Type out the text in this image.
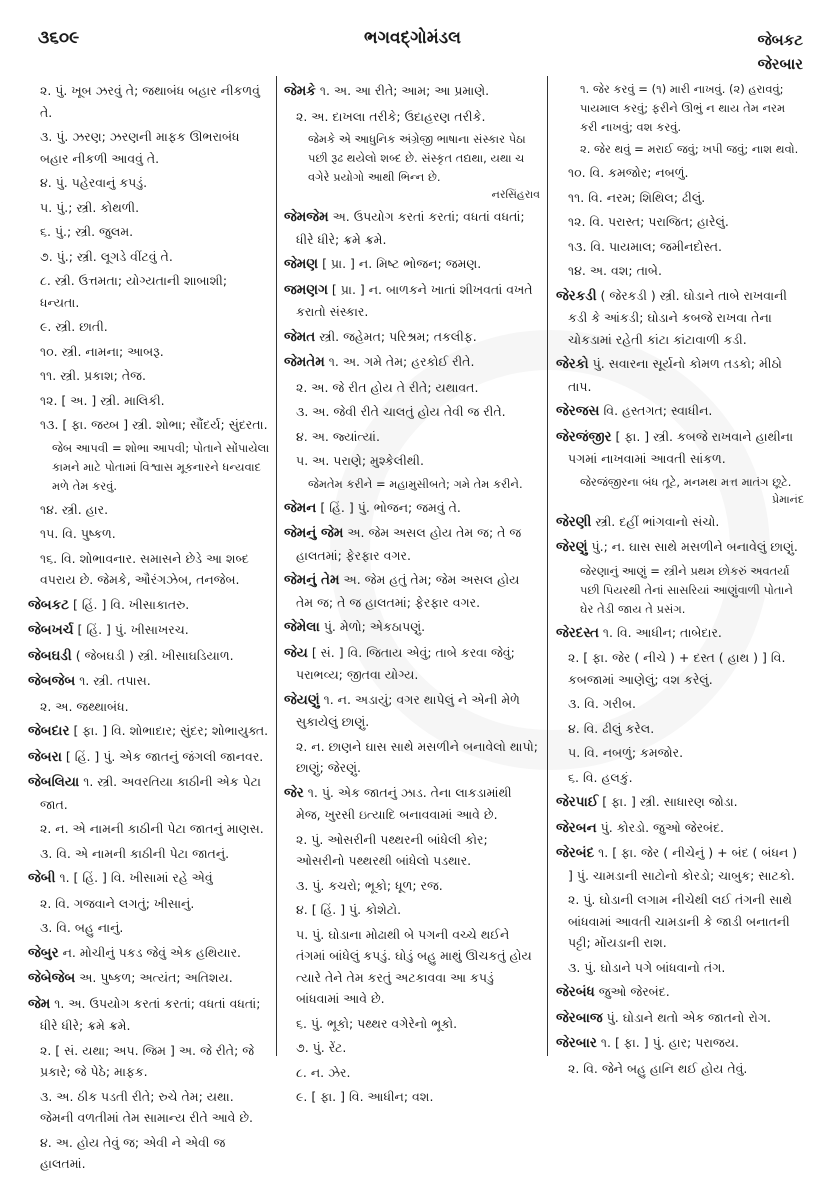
૩૬૦૯	ભગવદ્ગોમંડલ	જેબકટ
જેરબાર
૨. પું. ખૂબ ઝરવું તે; જથાબંધ બહાર નીકળવું તે.
૩. પું. ઝરણ; ઝરણની માફક ઊભરાબંધ બહાર નીકળી આવવું તે.
૪. પું. પહેરવાનું કપડું.
૫. પું.; સ્ત્રી. કોથળી.
૬. પું.; સ્ત્રી. જુલમ.
૭. પું.; સ્ત્રી. લૂગડે વીંટવું તે.
૮. સ્ત્રી. ઉત્તમતા; યોગ્યતાની શાબાશી; ધન્યતા.
૯. સ્ત્રી. છાતી.
૧૦. સ્ત્રી. નામના; આબરૂ.
૧૧. સ્ત્રી. પ્રકાશ; તેજ.
૧૨. [ અ. ] સ્ત્રી. માલિકી.
૧૩. [ ફા. જય્બ ] સ્ત્રી. શોભા; સૌંદર્ય; સુંદરતા.
જેબ આપવી = શોભા આપવી; પોતાને સોંપાયેલા કામને માટે પોતામાં વિશ્વાસ મૂકનારને ધન્યવાદ મળે તેમ કરવું.
૧૪. સ્ત્રી. હાર.
૧૫. વિ. પુષ્કળ.
૧૬. વિ. શોભાવનાર. સમાસને છેડે આ શબ્દ વપરાય છે. જેમકે, ઔરંગઝેબ, તનજેબ.
જેબકટ [ હિં. ] વિ. ખીસાકાતરુ.
જેબખર્ચ [ હિં. ] પું. ખીસાખરચ.
જેબઘડી ( જેબઘડી ) સ્ત્રી. ખીસાઘડિયાળ.
જેબજેબ ૧. સ્ત્રી. તપાસ.
૨. અ. જથ્થાબંધ.
જેબદાર [ ફા. ] વિ. શોભાદાર; સુંદર; શોભાયુક્ત.
જેબરા [ હિં. ] પું. એક જાતનું જંગલી જાનવર.
જેબલિયા ૧. સ્ત્રી. અવરતિયા કાઠીની એક પેટા જાત.
૨. ન. એ નામની કાઠીની પેટા જાતનું માણસ.
૩. વિ. એ નામની કાઠીની પેટા જાતનું.
જેબી ૧. [ હિં. ] વિ. ખીસામાં રહે એવું
૨. વિ. ગજવાને લગતું; ખીસાનું.
૩. વિ. બહુ નાનું.
જેબુર ન. મોચીનું પકડ જેવું એક હથિયાર.
જેબેજેબ અ. પુષ્કળ; અત્યંત; અતિશય.
જેમ ૧. અ. ઉપયોગ કરતાં કરતાં; વધતાં વધતાં; ધીરે ધીરે; ક્રમે ક્રમે.
૨. [ સં. યથા; અપ. જિમ ] અ. જે રીતે; જે પ્રકારે; જે પેઠે; માફક.
૩. અ. ઠીક પડતી રીતે; રુચે તેમ; યથા. જેમની વળતીમાં તેમ સામાન્ય રીતે આવે છે.
૪. અ. હોય તેવું જ; એવી ને એવી જ હાલતમાં.
જેમકે ૧. અ. આ રીતે; આમ; આ પ્રમાણે.
૨. અ. દાખલા તરીકે; ઉદાહરણ તરીકે.
જેમકે એ આધુનિક અંગ્રેજી ભાષાના સંસ્કાર પેઠા પછી રૂઢ થયેલો શબ્દ છે. સંસ્કૃત તદ્યથા, યથા ચ વગેરે પ્રયોગો આથી ભિન્ન છે.
નરસિંહરાવ
જેમજેમ અ. ઉપયોગ કરતાં કરતાં; વધતાં વધતાં; ધીરે ધીરે; ક્રમે ક્રમે.
જેમણ [ પ્રા. ] ન. મિષ્ટ ભોજન; જમણ.
જમણગ [ પ્રા. ] ન. બાળકને ખાતાં શીખવતાં વખતે કરાતો સંસ્કાર.
જેમત સ્ત્રી. જહેમત; પરિશ્રમ; તકલીફ.
જેમતેમ ૧. અ. ગમે તેમ; હરકોઈ રીતે.
૨. અ. જે રીત હોય તે રીતે; યથાવત.
૩. અ. જેવી રીતે ચાલતું હોય તેવી જ રીતે.
૪. અ. જ્યાંત્યાં.
૫. અ. પરાણે; મુશ્કેલીથી.
જેમતેમ કરીને = મહામુસીબતે; ગમે તેમ કરીને.
જેમન [ હિં. ] પું. ભોજન; જમવું તે.
જેમનું જેમ અ. જેમ અસલ હોય તેમ જ; તે જ હાલતમાં; ફેરફાર વગર.
જેમનું તેમ અ. જેમ હતું તેમ; જેમ અસલ હોય તેમ જ; તે જ હાલતમાં; ફેરફાર વગર.
જેમેલા પું. મેળો; એકઠાપણું.
જેય [ સં. ] વિ. જિતાય એવું; તાબે કરવા જેવું; પરાભવ્ય; જીતવા યોગ્ય.
જેયણું ૧. ન. અડાયું; વગર થાપેલું ને એની મેળે સુકાયેલું છાણું.
૨. ન. છાણને ઘાસ સાથે મસળીને બનાવેલો થાપો; છાણું; જેરણું.
જેર ૧. પું. એક જાતનું ઝાડ. તેના લાકડામાંથી મેજ, ખુરસી ઇત્યાદિ બનાવવામાં આવે છે.
૨. પું. ઓસરીની પથ્થરની બાંધેલી કોર; ઓસરીનો પથ્થરથી બાંધેલો પડથાર.
૩. પું. કચરો; ભૂકો; ધૂળ; રજ.
૪. [ હિં. ] પું. કોશેટો.
૫. પું. ઘોડાના મોઢાથી બે પગની વચ્ચે થઈને તંગમાં બાંધેલું કપડું. ઘોડું બહુ માથું ઊચકતું હોય ત્યારે તેને તેમ કરતું અટકાવવા આ કપડું બાંધવામાં આવે છે.
૬. પું. ભૂકો; પથ્થર વગેરેનો ભૂકો.
૭. પું. રેંટ.
૮. ન. ઝેર.
૯. [ ફા. ] વિ. આધીન; વશ.
૧. જેર કરવું = (૧) મારી નાખવું. (૨) હરાવવું; પાયમાલ કરવું; ફરીને ઊભું ન થાય તેમ નરમ કરી નાખવું; વશ કરવું.
૨. જેર થવું = મરાઈ જવું; ખપી જવું; નાશ થવો.
૧૦. વિ. કમજોર; નબળું.
૧૧. વિ. નરમ; શિથિલ; ઢીલું.
૧૨. વિ. પરાસ્ત; પરાજિત; હારેલું.
૧૩. વિ. પાયમાલ; જમીનદોસ્ત.
૧૪. અ. વશ; તાબે.
જેરકડી ( જેરકડી ) સ્ત્રી. ઘોડાને તાબે રાખવાની કડી કે આંકડી; ઘોડાને કબજે રાખવા તેના ચોકડામાં રહેતી કાંટા કાંટાવાળી કડી.
જેરકો પું. સવારના સૂર્યનો કોમળ તડકો; મીઠો તાપ.
જેરજસ વિ. હસ્તગત; સ્વાધીન.
જેરજંજીર [ ફા. ] સ્ત્રી. કબજે રાખવાને હાથીના પગમાં નાખવામાં આવતી સાંકળ.
જેરજંજીરના બંધ તૂટે, મનમથ મત્ત માતંગ છૂટે.
પ્રેમાનંદ
જેરણી સ્ત્રી. દહીં ભાંગવાનો સંચો.
જેરણું પું.; ન. ઘાસ સાથે મસળીને બનાવેલું છાણું.
જેરણાનું આણું = સ્ત્રીને પ્રથમ છોકરું અવતર્યા પછી પિયરથી તેનાં સાસરિયાં આણુંવાળી પોતાને ઘેર તેડી જાય તે પ્રસંગ.
જેરદસ્ત ૧. વિ. આધીન; તાબેદાર.
૨. [ ફા. જેર ( નીચે ) + દસ્ત ( હાથ ) ] વિ. કબજામાં આણેલું; વશ કરેલું.
૩. વિ. ગરીબ.
૪. વિ. ઢીલું કરેલ.
૫. વિ. નબળું; કમજોર.
૬. વિ. હલકું.
જેરપાઈ [ ફા. ] સ્ત્રી. સાધારણ જોડા.
જેરબન પું. કોરડો. જુઓ જેરબંદ.
જેરબંદ ૧. [ ફા. જેર ( નીચેનું ) + બંદ ( બંધન ) ] પું. ચામડાની સાટોનો કોરડો; ચાબુક; સાટકો.
૨. પું. ઘોડાની લગામ નીચેથી લઈ તંગની સાથે બાંધવામાં આવતી ચામડાની કે જાડી બનાતની પટ્ટી; મોંયડાની રાશ.
૩. પું. ઘોડાને પગે બાંધવાનો તંગ.
જેરબંધ જુઓ જેરબંદ.
જેરબાજ પું. ઘોડાને થતો એક જાતનો રોગ.
જેરબાર ૧. [ ફા. ] પું. હાર; પરાજય.
૨. વિ. જેને બહુ હાનિ થઈ હોય તેવું.
